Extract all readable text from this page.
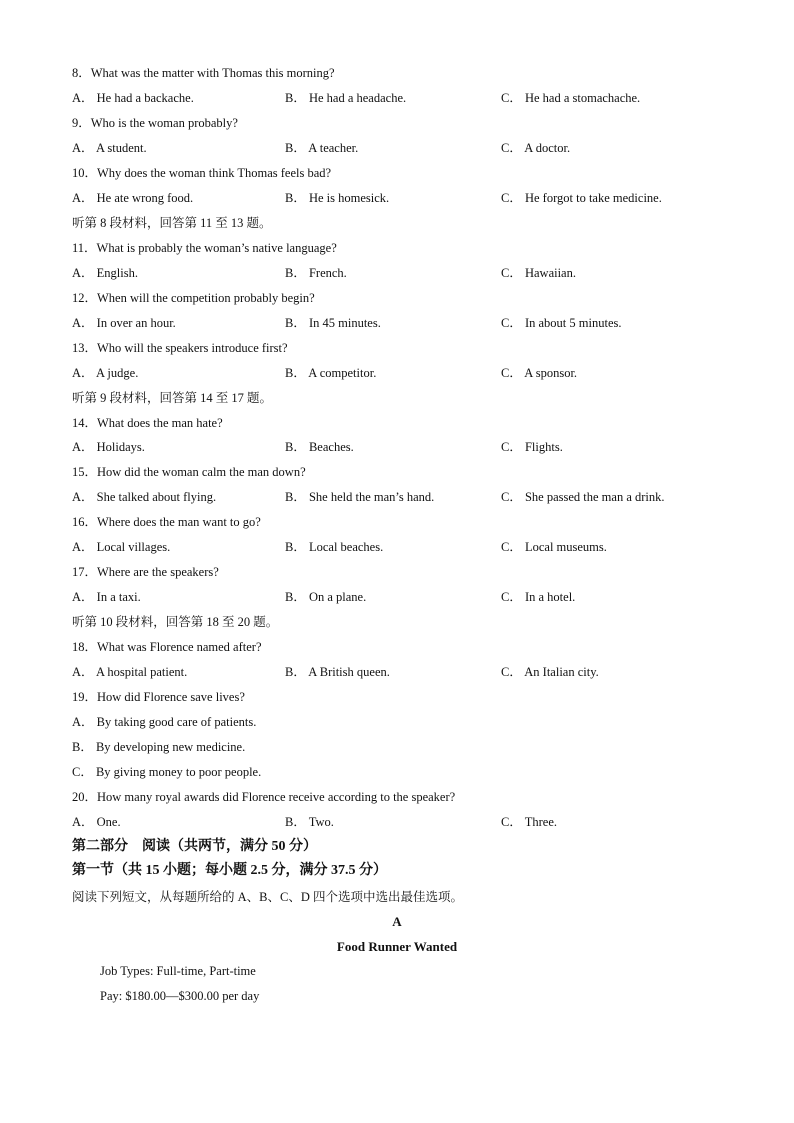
8．What was the matter with Thomas this morning?
A． He had a backache.	B． He had a headache.	C． He had a stomachache.
9．Who is the woman probably?
A． A student.	B． A teacher.	C． A doctor.
10．Why does the woman think Thomas feels bad?
A． He ate wrong food.	B． He is homesick.	C． He forgot to take medicine.
听第 8 段材料，回答第 11 至 13 题。
11．What is probably the woman’s native language?
A． English.	B． French.	C． Hawaiian.
12．When will the competition probably begin?
A． In over an hour.	B． In 45 minutes.	C． In about 5 minutes.
13．Who will the speakers introduce first?
A． A judge.	B． A competitor.	C． A sponsor.
听第 9 段材料，回答第 14 至 17 题。
14．What does the man hate?
A． Holidays.	B． Beaches.	C． Flights.
15．How did the woman calm the man down?
A． She talked about flying.	B． She held the man’s hand.	C． She passed the man a drink.
16．Where does the man want to go?
A． Local villages.	B． Local beaches.	C． Local museums.
17．Where are the speakers?
A． In a taxi.	B． On a plane.	C． In a hotel.
听第 10 段材料，回答第 18 至 20 题。
18．What was Florence named after?
A． A hospital patient.	B． A British queen.	C． An Italian city.
19．How did Florence save lives?
A． By taking good care of patients.
B． By developing new medicine.
C． By giving money to poor people.
20．How many royal awards did Florence receive according to the speaker?
A． One.	B． Two.	C． Three.
第二部分　阅读（共两节，满分 50 分）
第一节（共 15 小题；每小题 2.5 分，满分 37.5 分）
阅读下列短文，从每题所给的 A、B、C、D 四个选项中选出最佳选项。
A
Food Runner Wanted
Job Types: Full-time, Part-time
Pay: $180.00—$300.00 per day
